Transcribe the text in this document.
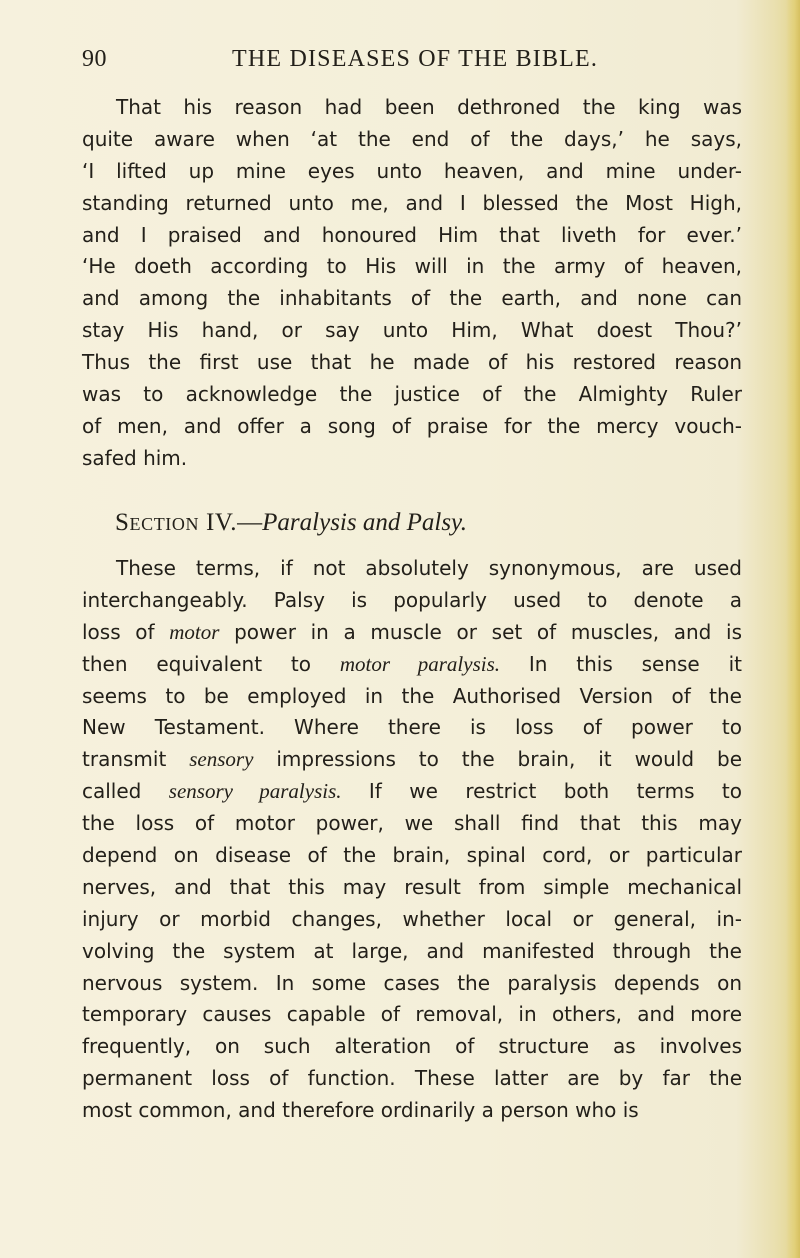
90	THE DISEASES OF THE BIBLE.
That his reason had been dethroned the king was
quite aware when ‘at the end of the days,’ he says,
‘I lifted up mine eyes unto heaven, and mine under-
standing returned unto me, and I blessed the Most High,
and I praised and honoured Him that liveth for ever.’
‘He doeth according to His will in the army of heaven,
and among the inhabitants of the earth, and none can
stay His hand, or say unto Him, What doest Thou?’
Thus the first use that he made of his restored reason
was to acknowledge the justice of the Almighty Ruler
of men, and offer a song of praise for the mercy vouch-
safed him.
Section IV.—Paralysis and Palsy.
These terms, if not absolutely synonymous, are used
interchangeably. Palsy is popularly used to denote a
loss of motor power in a muscle or set of muscles, and is
then equivalent to motor paralysis. In this sense it
seems to be employed in the Authorised Version of the
New Testament. Where there is loss of power to
transmit sensory impressions to the brain, it would be
called sensory paralysis. If we restrict both terms to
the loss of motor power, we shall find that this may
depend on disease of the brain, spinal cord, or particular
nerves, and that this may result from simple mechanical
injury or morbid changes, whether local or general, in-
volving the system at large, and manifested through the
nervous system. In some cases the paralysis depends on
temporary causes capable of removal, in others, and more
frequently, on such alteration of structure as involves
permanent loss of function. These latter are by far the
most common, and therefore ordinarily a person who is
